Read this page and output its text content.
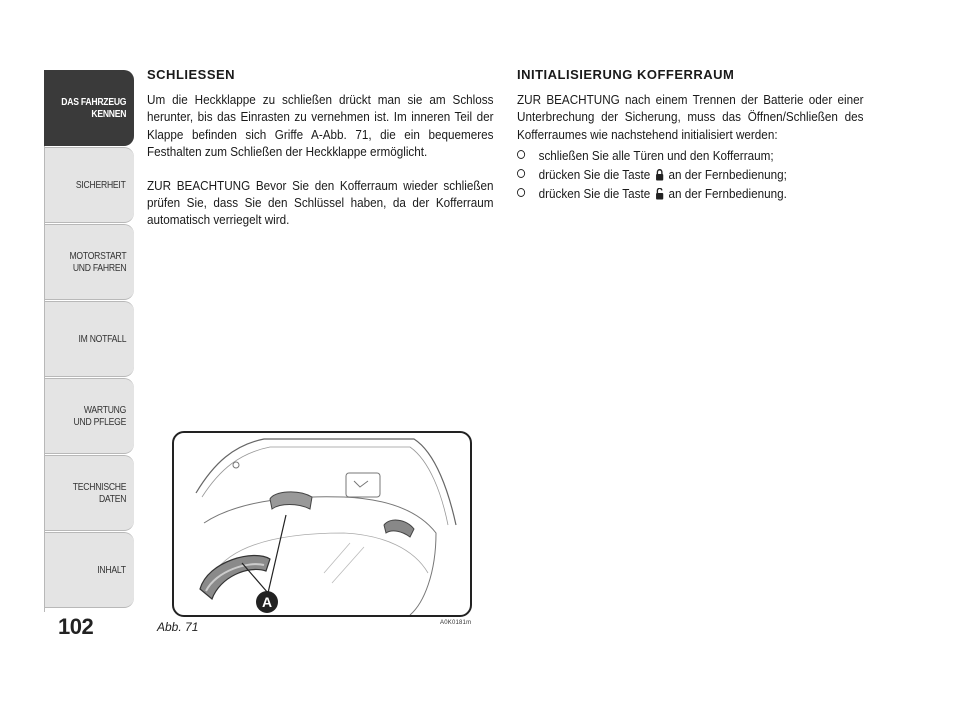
DAS FAHRZEUG
KENNEN
SICHERHEIT
MOTORSTART
UND FAHREN
IM NOTFALL
WARTUNG
UND PFLEGE
TECHNISCHE
DATEN
INHALT
102
SCHLIESSEN

Um die Heckklappe zu schließen drückt man sie am Schloss herunter, bis das Einrasten zu vernehmen ist. Im inneren Teil der Klappe befinden sich Griffe A-Abb. 71, die ein bequemeres Festhalten zum Schließen der Heckklappe ermöglicht.

ZUR BEACHTUNG Bevor Sie den Kofferraum wieder schließen prüfen Sie, dass Sie den Schlüssel haben, da der Kofferraum automatisch verriegelt wird.

INITIALISIERUNG KOFFERRAUM

ZUR BEACHTUNG nach einem Trennen der Batterie oder einer Unterbrechung der Sicherung, muss das Öffnen/Schließen des Kofferraumes wie nachstehend initialisiert werden:

schließen Sie alle Türen und den Kofferraum;
drücken Sie die Taste an der Fernbedienung;
drücken Sie die Taste an der Fernbedienung.
A
Abb. 71	A0K0181m
